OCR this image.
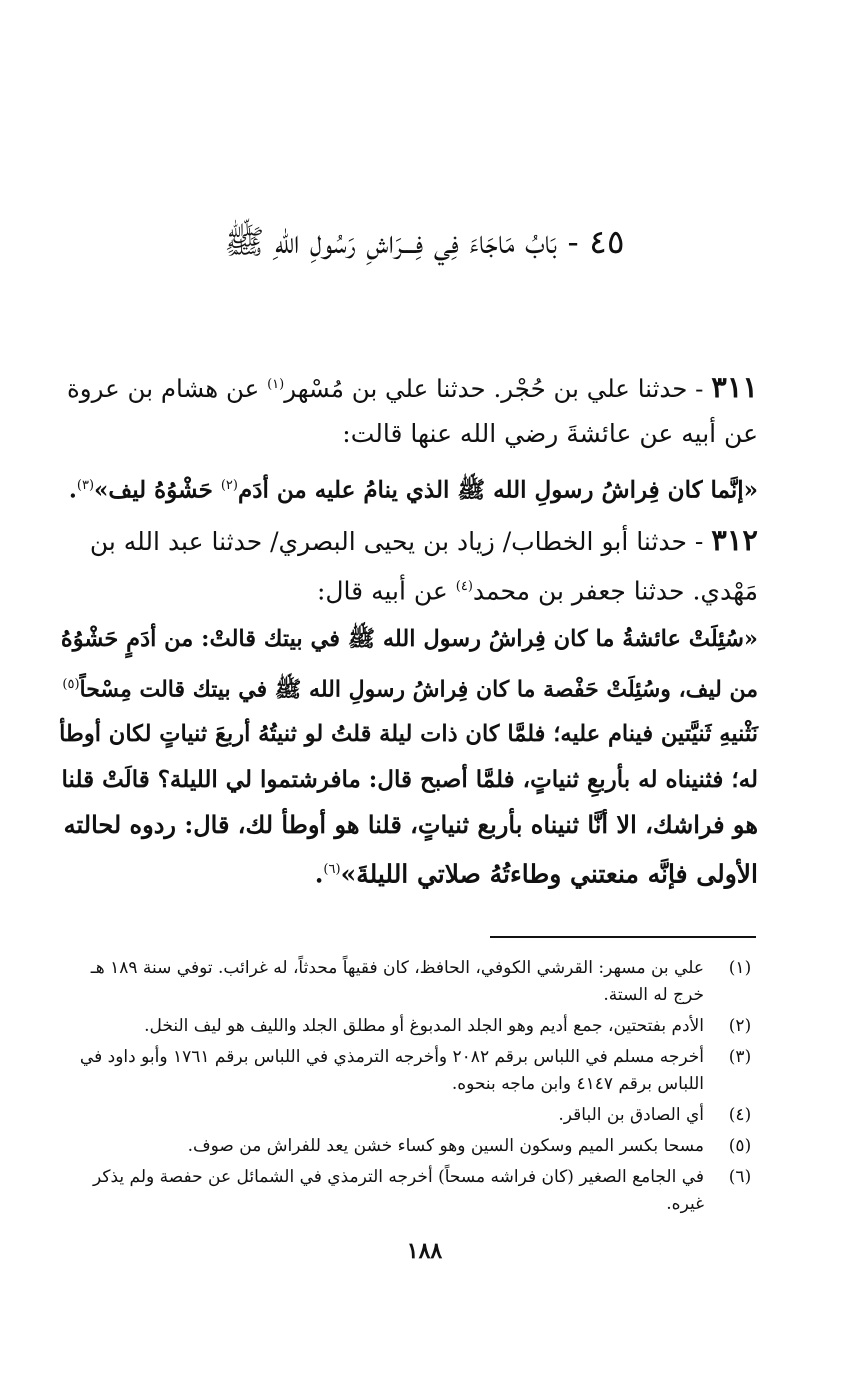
٤٥ - بَابُ مَاجَاءَ فِي فِـــرَاشِ رَسُولِ اللهِ ﷺ
٣١١ - حدثنا علي بن حُجْر. حدثنا علي بن مُسْهر$^{(١)}$ عن هشام بن عروة
عن أبيه عن عائشةَ رضي الله عنها قالت:
«إنَّما كان فِراشُ رسولِ الله ﷺ الذي ينامُ عليه من أدَم$^{(٢)}$ حَشْوُهُ ليف»$^{(٣)}$.
٣١٢ - حدثنا أبو الخطاب/ زياد بن يحيى البصري/ حدثنا عبد الله بن
مَهْدي. حدثنا جعفر بن محمد$^{(٤)}$ عن أبيه قال:
«سُئِلَتْ عائشةُ ما كان فِراشُ رسول الله ﷺ في بيتك قالتْ: من أدَمٍ حَشْوُهُ
من ليف، وسُئِلَتْ حَفْصة ما كان فِراشُ رسولِ الله ﷺ في بيتك قالت مِسْحاً$^{(٥)}$
نَثْنيهِ ثَنيَّتين فينام عليه؛ فلمَّا كان ذات ليلة قلتُ لو ثنيتُهُ أربعَ ثنياتٍ لكان أوطأ
له؛ فثنيناه له بأربعِ ثنياتٍ، فلمَّا أصبح قال: مافرشتموا لي الليلة؟ قالَتْ قلنا
هو فراشك، الا أنَّا ثنيناه بأربع ثنياتٍ، قلنا هو أوطأ لك، قال: ردوه لحالته
الأولى فإنَّه منعتني وطاءتُهُ صلاتي الليلةَ»$^{(٦)}$.
(١)
علي بن مسهر: القرشي الكوفي، الحافظ، كان فقيهاً محدثاً، له غرائب. توفي سنة ١٨٩ هـ خرج له الستة.
(٢)
الأدم بفتحتين، جمع أديم وهو الجلد المدبوغ أو مطلق الجلد والليف هو ليف النخل.
(٣)
أخرجه مسلم في اللباس برقم ٢٠٨٢ وأخرجه الترمذي في اللباس برقم ١٧٦١ وأبو داود في اللباس برقم ٤١٤٧ وابن ماجه بنحوه.
(٤)
أي الصادق بن الباقر.
(٥)
مسحا بكسر الميم وسكون السين وهو كساء خشن يعد للفراش من صوف.
(٦)
في الجامع الصغير (كان فراشه مسحاً) أخرجه الترمذي في الشمائل عن حفصة ولم يذكر غيره.
١٨٨
